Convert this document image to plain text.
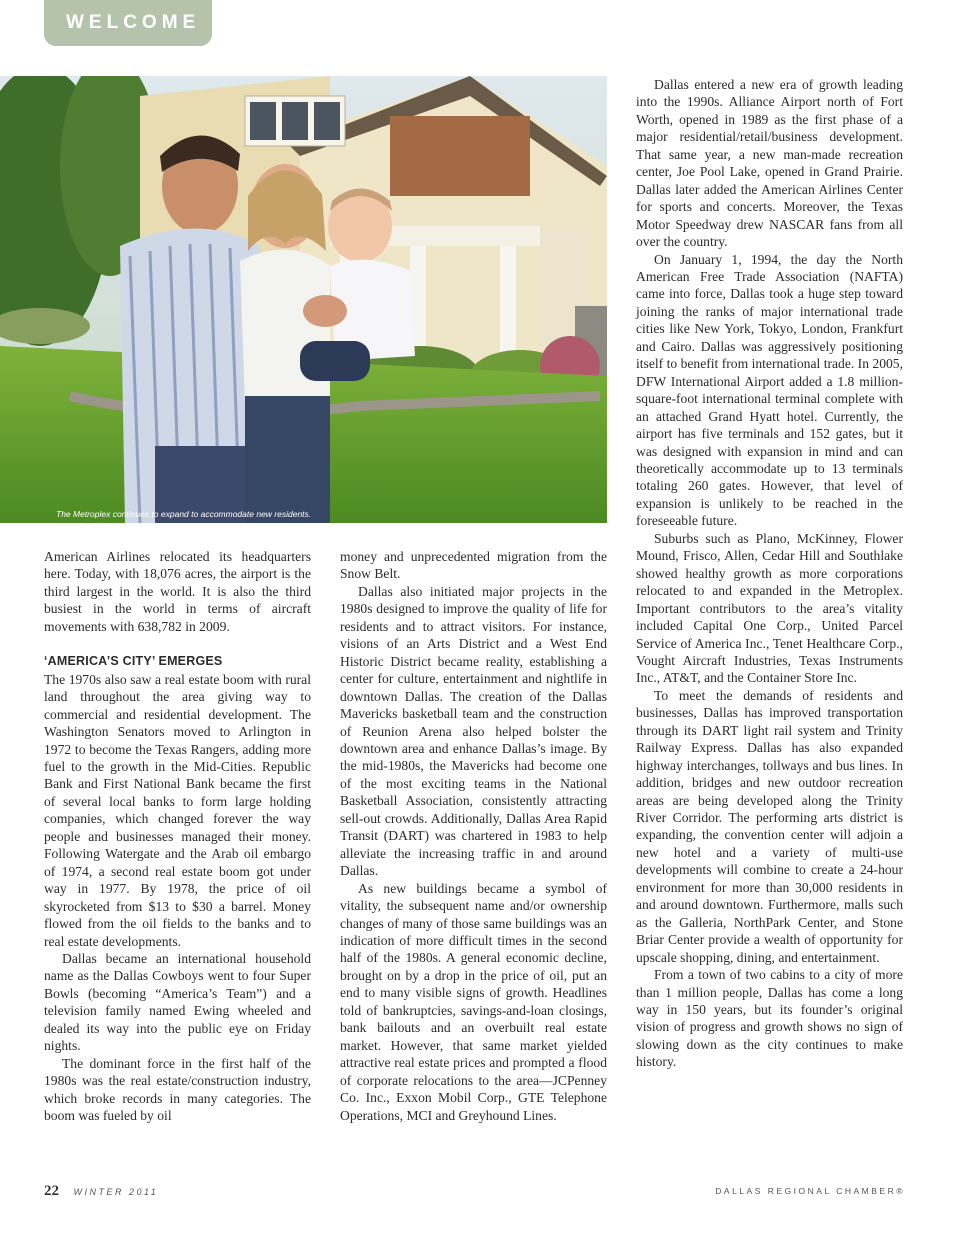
WELCOME
The Metroplex continues to expand to accommodate new residents.

American Airlines relocated its headquarters here. Today, with 18,076 acres, the airport is the third largest in the world. It is also the third busiest in the world in terms of aircraft movements with 638,782 in 2009.

‘AMERICA’S CITY’ EMERGES

The 1970s also saw a real estate boom with rural land throughout the area giving way to commercial and residential development. The Washington Senators moved to Arlington in 1972 to become the Texas Rangers, adding more fuel to the growth in the Mid-Cities. Republic Bank and First National Bank became the first of several local banks to form large holding companies, which changed forever the way people and businesses managed their money. Following Watergate and the Arab oil embargo of 1974, a second real estate boom got under way in 1977. By 1978, the price of oil skyrocketed from $13 to $30 a barrel. Money flowed from the oil fields to the banks and to real estate developments.

Dallas became an international household name as the Dallas Cowboys went to four Super Bowls (becoming “America’s Team”) and a television family named Ewing wheeled and dealed its way into the public eye on Friday nights.

The dominant force in the first half of the 1980s was the real estate/construction industry, which broke records in many categories. The boom was fueled by oil

money and unprecedented migration from the Snow Belt.

Dallas also initiated major projects in the 1980s designed to improve the quality of life for residents and to attract visitors. For instance, visions of an Arts District and a West End Historic District became reality, establishing a center for culture, entertainment and nightlife in downtown Dallas. The creation of the Dallas Mavericks basketball team and the construction of Reunion Arena also helped bolster the downtown area and enhance Dallas’s image. By the mid-1980s, the Mavericks had become one of the most exciting teams in the National Basketball Association, consistently attracting sell-out crowds. Additionally, Dallas Area Rapid Transit (DART) was chartered in 1983 to help alleviate the increasing traffic in and around Dallas.

As new buildings became a symbol of vitality, the subsequent name and/or ownership changes of many of those same buildings was an indication of more difficult times in the second half of the 1980s. A general economic decline, brought on by a drop in the price of oil, put an end to many visible signs of growth. Headlines told of bankruptcies, savings-and-loan closings, bank bailouts and an overbuilt real estate market. However, that same market yielded attractive real estate prices and prompted a flood of corporate relocations to the area—JCPenney Co. Inc., Exxon Mobil Corp., GTE Telephone Operations, MCI and Greyhound Lines.

Dallas entered a new era of growth leading into the 1990s. Alliance Airport north of Fort Worth, opened in 1989 as the first phase of a major residential/retail/business development. That same year, a new man-made recreation center, Joe Pool Lake, opened in Grand Prairie. Dallas later added the American Airlines Center for sports and concerts. Moreover, the Texas Motor Speedway drew NASCAR fans from all over the country.

On January 1, 1994, the day the North American Free Trade Association (NAFTA) came into force, Dallas took a huge step toward joining the ranks of major international trade cities like New York, Tokyo, London, Frankfurt and Cairo. Dallas was aggressively positioning itself to benefit from international trade. In 2005, DFW International Airport added a 1.8 million-square-foot international terminal complete with an attached Grand Hyatt hotel. Currently, the airport has five terminals and 152 gates, but it was designed with expansion in mind and can theoretically accommodate up to 13 terminals totaling 260 gates. However, that level of expansion is unlikely to be reached in the foreseeable future.

Suburbs such as Plano, McKinney, Flower Mound, Frisco, Allen, Cedar Hill and Southlake showed healthy growth as more corporations relocated to and expanded in the Metroplex. Important contributors to the area’s vitality included Capital One Corp., United Parcel Service of America Inc., Tenet Healthcare Corp., Vought Aircraft Industries, Texas Instruments Inc., AT&T, and the Container Store Inc.

To meet the demands of residents and businesses, Dallas has improved transportation through its DART light rail system and Trinity Railway Express. Dallas has also expanded highway interchanges, tollways and bus lines. In addition, bridges and new outdoor recreation areas are being developed along the Trinity River Corridor. The performing arts district is expanding, the convention center will adjoin a new hotel and a variety of multi-use developments will combine to create a 24-hour environment for more than 30,000 residents in and around downtown. Furthermore, malls such as the Galleria, NorthPark Center, and Stone Briar Center provide a wealth of opportunity for upscale shopping, dining, and entertainment.

From a town of two cabins to a city of more than 1 million people, Dallas has come a long way in 150 years, but its founder’s original vision of progress and growth shows no sign of slowing down as the city continues to make history.

22 WINTER 2011	DALLAS REGIONAL CHAMBER®
